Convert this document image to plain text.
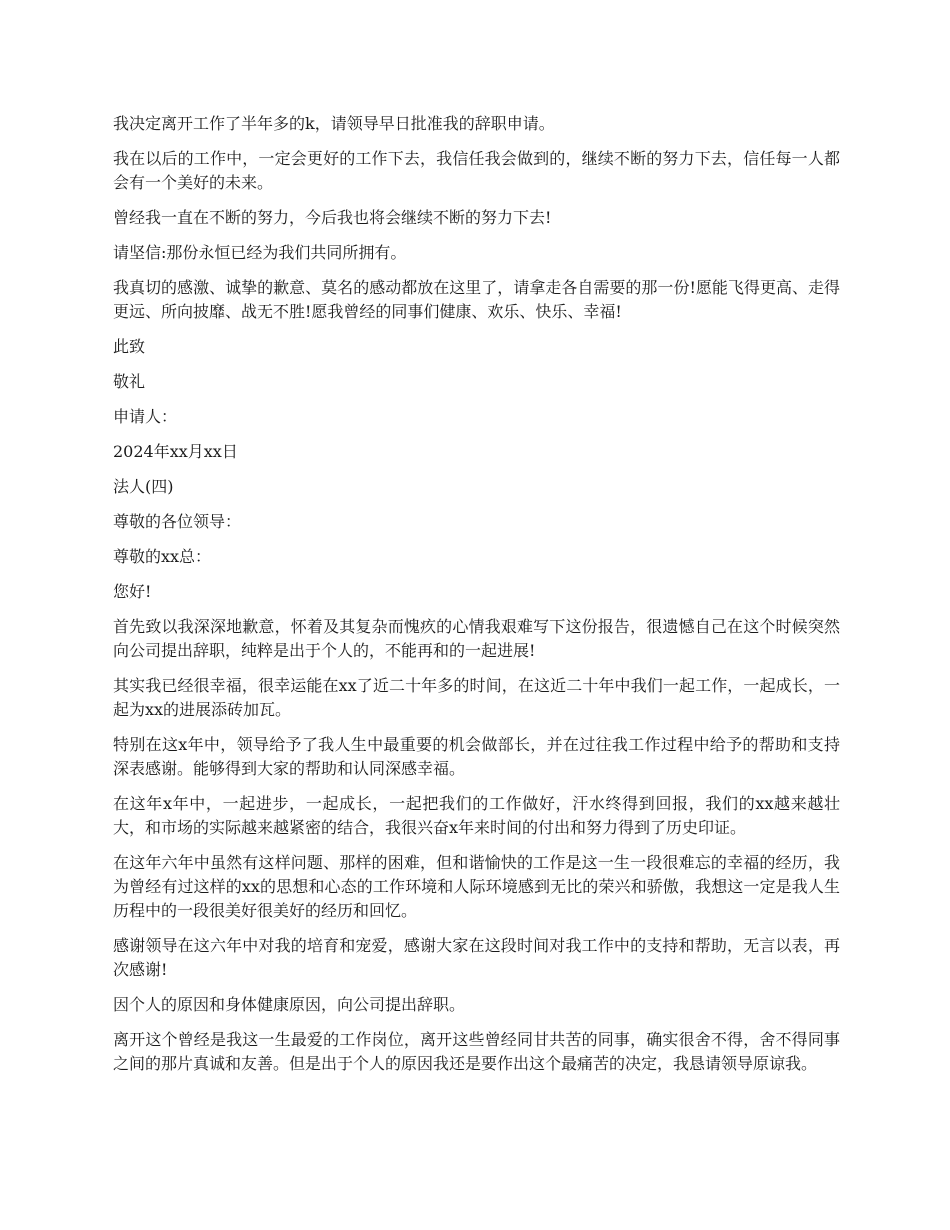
我决定离开工作了半年多的k，请领导早日批准我的辞职申请。

我在以后的工作中，一定会更好的工作下去，我信任我会做到的，继续不断的努力下去，信任每一人都会有一个美好的未来。

曾经我一直在不断的努力，今后我也将会继续不断的努力下去!

请坚信:那份永恒已经为我们共同所拥有。

我真切的感激、诚挚的歉意、莫名的感动都放在这里了，请拿走各自需要的那一份!愿能飞得更高、走得更远、所向披靡、战无不胜!愿我曾经的同事们健康、欢乐、快乐、幸福!

此致

敬礼

申请人：

2024年xx月xx日

法人(四)

尊敬的各位领导：

尊敬的xx总：

您好!

首先致以我深深地歉意，怀着及其复杂而愧疚的心情我艰难写下这份报告，很遗憾自己在这个时候突然向公司提出辞职，纯粹是出于个人的，不能再和的一起进展!

其实我已经很幸福，很幸运能在xx了近二十年多的时间，在这近二十年中我们一起工作，一起成长，一起为xx的进展添砖加瓦。

特别在这x年中，领导给予了我人生中最重要的机会做部长，并在过往我工作过程中给予的帮助和支持深表感谢。能够得到大家的帮助和认同深感幸福。

在这年x年中，一起进步，一起成长，一起把我们的工作做好，汗水终得到回报，我们的xx越来越壮大，和市场的实际越来越紧密的结合，我很兴奋x年来时间的付出和努力得到了历史印证。

在这年六年中虽然有这样问题、那样的困难，但和谐愉快的工作是这一生一段很难忘的幸福的经历，我为曾经有过这样的xx的思想和心态的工作环境和人际环境感到无比的荣兴和骄傲，我想这一定是我人生历程中的一段很美好很美好的经历和回忆。

感谢领导在这六年中对我的培育和宠爱，感谢大家在这段时间对我工作中的支持和帮助，无言以表，再次感谢!

因个人的原因和身体健康原因，向公司提出辞职。

离开这个曾经是我这一生最爱的工作岗位，离开这些曾经同甘共苦的同事，确实很舍不得，舍不得同事之间的那片真诚和友善。但是出于个人的原因我还是要作出这个最痛苦的决定，我恳请领导原谅我。
